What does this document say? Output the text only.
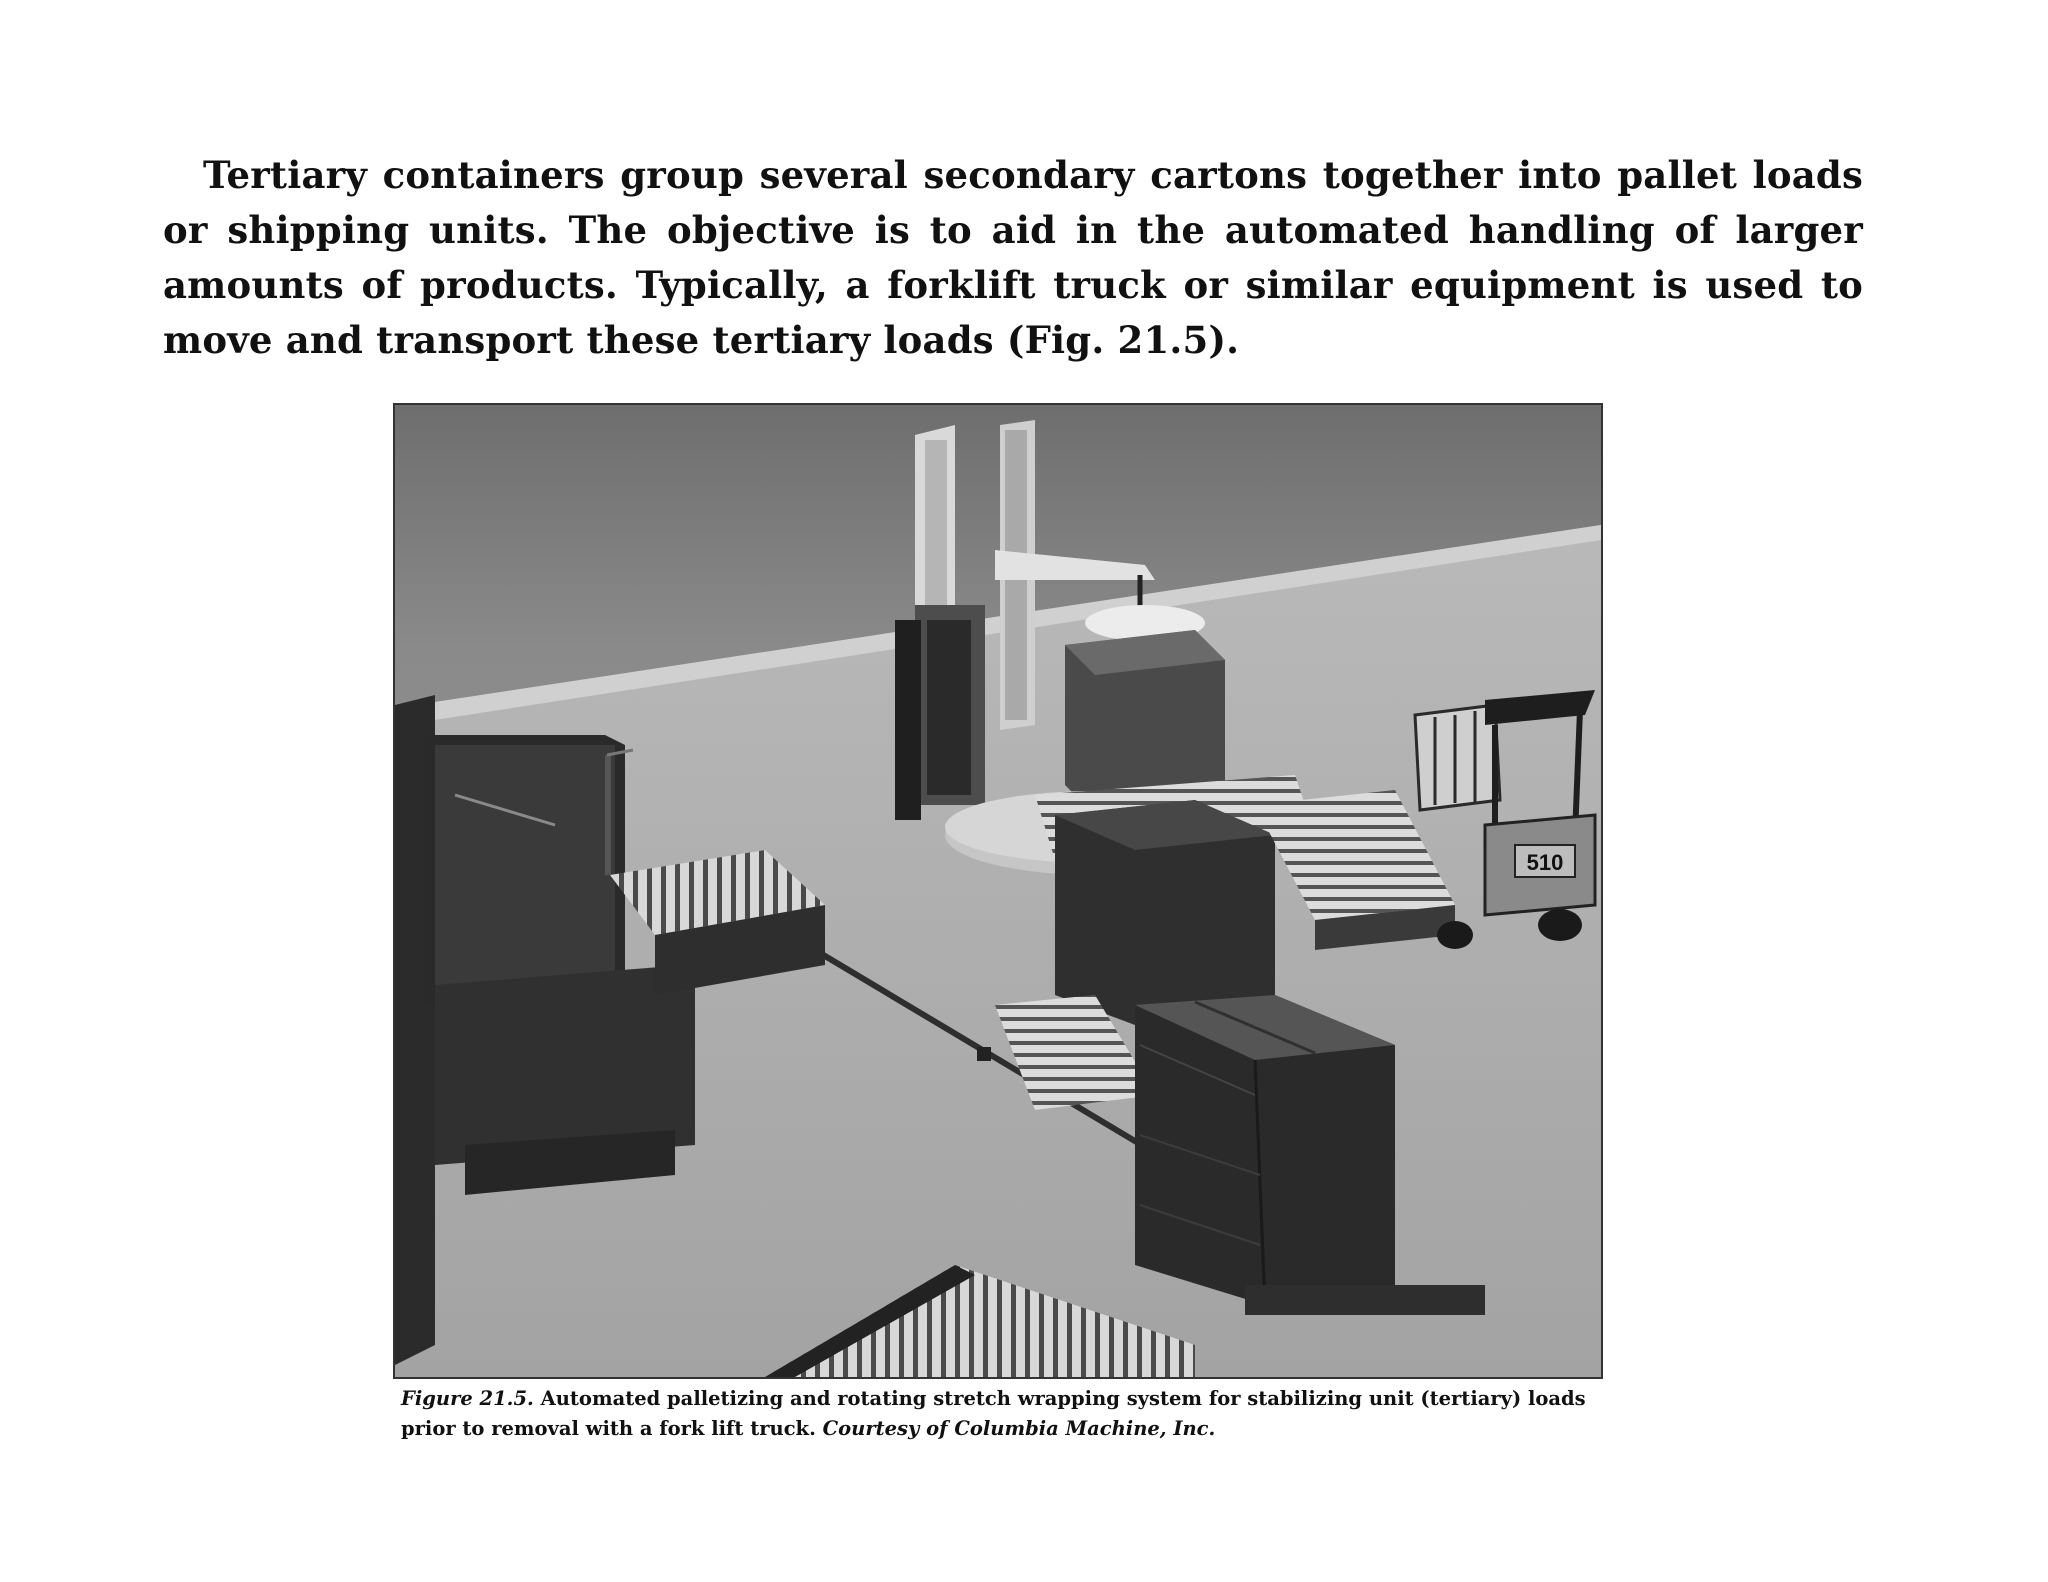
Tertiary containers group several secondary cartons together into pallet loads or shipping units. The objective is to aid in the automated handling of larger amounts of products. Typically, a forklift truck or similar equipment is used to move and transport these tertiary loads (Fig. 21.5).

510

Figure 21.5. Automated palletizing and rotating stretch wrapping system for stabilizing unit (tertiary) loads prior to removal with a fork lift truck. Courtesy of Columbia Machine, Inc.
